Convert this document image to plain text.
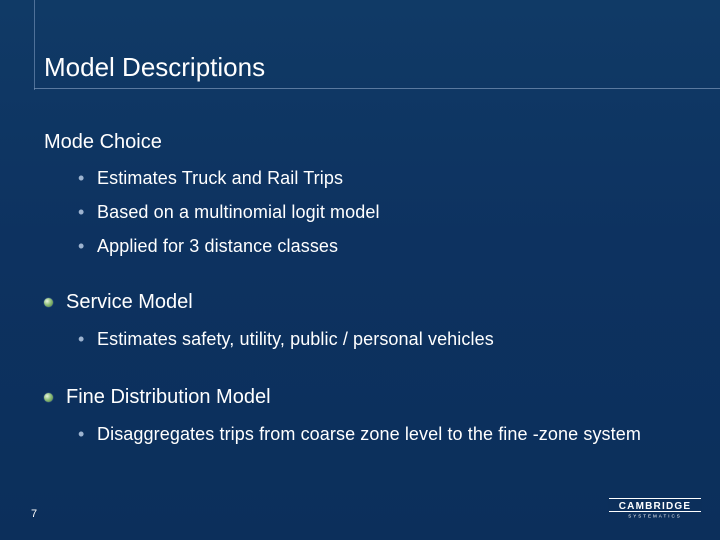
Model Descriptions
Mode Choice
• Estimates Truck and Rail Trips
• Based on a multinomial logit model
• Applied for 3 distance classes
Service Model
• Estimates safety, utility, public / personal vehicles
Fine Distribution Model
• Disaggregates trips from coarse zone level to the fine -zone system
7
CAMBRIDGE
SYSTEMATICS
